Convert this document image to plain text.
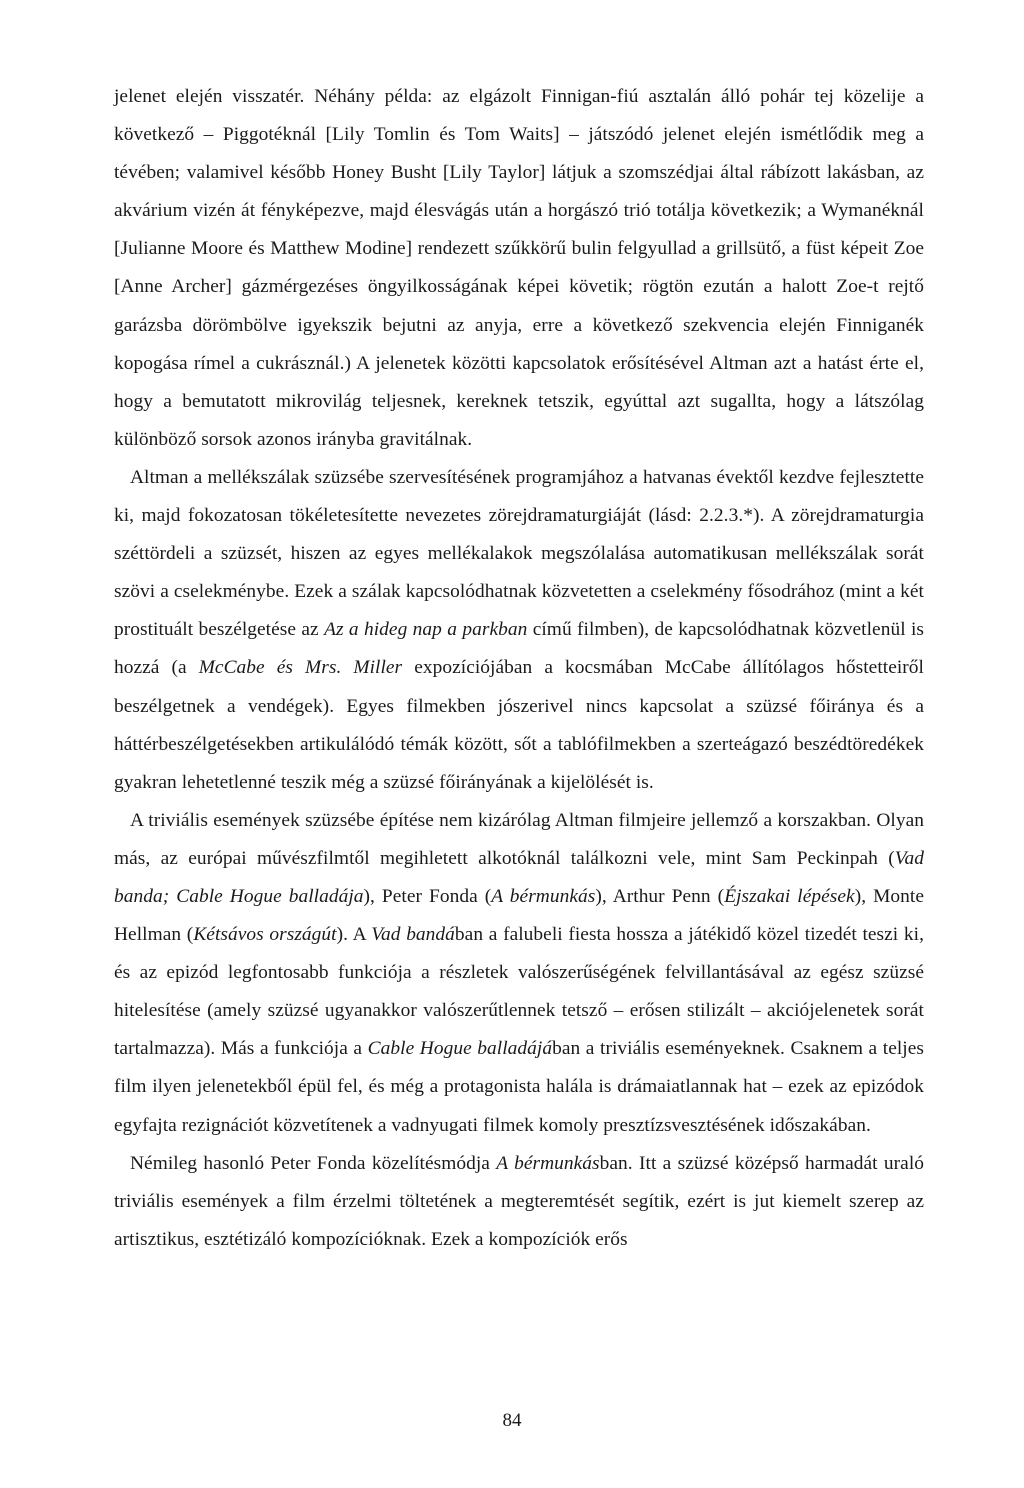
jelenet elején visszatér. Néhány példa: az elgázolt Finnigan-fiú asztalán álló pohár tej közelije a következő – Piggotéknál [Lily Tomlin és Tom Waits] – játszódó jelenet elején ismétlődik meg a tévében; valamivel később Honey Busht [Lily Taylor] látjuk a szomszédjai által rábízott lakásban, az akvárium vizén át fényképezve, majd élesvágás után a horgászó trió totálja következik; a Wymanéknál [Julianne Moore és Matthew Modine] rendezett szűkkörű bulin felgyullad a grillsütő, a füst képeit Zoe [Anne Archer] gázmérgezéses öngyilkosságának képei követik; rögtön ezután a halott Zoe-t rejtő garázsba dörömbölve igyekszik bejutni az anyja, erre a következő szekvencia elején Finniganék kopogása rímel a cukrásznál.) A jelenetek közötti kapcsolatok erősítésével Altman azt a hatást érte el, hogy a bemutatott mikrovilág teljesnek, kereknek tetszik, egyúttal azt sugallta, hogy a látszólag különböző sorsok azonos irányba gravitálnak.

Altman a mellékszálak szüzsébe szervesítésének programjához a hatvanas évektől kezdve fejlesztette ki, majd fokozatosan tökéletesítette nevezetes zörejdramaturgiáját (lásd: 2.2.3.*). A zörejdramaturgia széttördeli a szüzsét, hiszen az egyes mellékalakok megszólalása automatikusan mellékszálak sorát szövi a cselekménybe. Ezek a szálak kapcsolódhatnak közvetetten a cselekmény fősodrához (mint a két prostituált beszélgetése az Az a hideg nap a parkban című filmben), de kapcsolódhatnak közvetlenül is hozzá (a McCabe és Mrs. Miller expozíciójában a kocsmában McCabe állítólagos hőstetteiről beszélgetnek a vendégek). Egyes filmekben jószerivel nincs kapcsolat a szüzsé főiránya és a háttérbeszélgetésekben artikulálódó témák között, sőt a tablófilmekben a szerteágazó beszédtöredékek gyakran lehetetlenné teszik még a szüzsé főirányának a kijelölését is.

A triviális események szüzsébe építése nem kizárólag Altman filmjeire jellemző a korszakban. Olyan más, az európai művészfilmtől megihletett alkotóknál találkozni vele, mint Sam Peckinpah (Vad banda; Cable Hogue balladája), Peter Fonda (A bérmunkás), Arthur Penn (Éjszakai lépések), Monte Hellman (Kétsávos országút). A Vad bandában a falubeli fiesta hossza a játékidő közel tizedét teszi ki, és az epizód legfontosabb funkciója a részletek valószerűségének felvillantásával az egész szüzsé hitelesítése (amely szüzsé ugyanakkor valószerűtlennek tetsző – erősen stilizált – akciójelenetek sorát tartalmazza). Más a funkciója a Cable Hogue balladájában a triviális eseményeknek. Csaknem a teljes film ilyen jelenetekből épül fel, és még a protagonista halála is drámaiatlannak hat – ezek az epizódok egyfajta rezignációt közvetítenek a vadnyugati filmek komoly presztízsvesztésének időszakában.

Némileg hasonló Peter Fonda közelítésmódja A bérmunkásban. Itt a szüzsé középső harmadát uraló triviális események a film érzelmi töltetének a megteremtését segítik, ezért is jut kiemelt szerep az artisztikus, esztétizáló kompozícióknak. Ezek a kompozíciók erős

84
